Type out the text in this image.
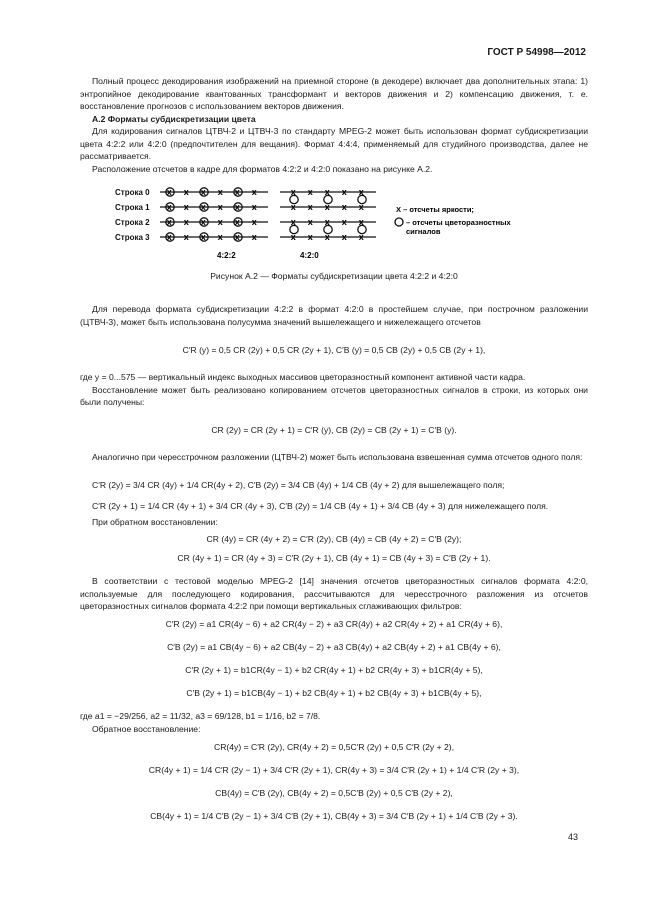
ГОСТ Р 54998—2012

Полный процесс декодирования изображений на приемной стороне (в декодере) включает два дополнительных этапа: 1) энтропийное декодирование квантованных трансформант и векторов движения и 2) компенсацию движения, т. е. восстановление прогнозов с использованием векторов движения.

А.2 Форматы субдискретизации цвета

Для кодирования сигналов ЦТВЧ-2 и ЦТВЧ-3 по стандарту MPEG-2 может быть использован формат субдискретизации цвета 4:2:2 или 4:2:0 (предпочтителен для вещания). Формат 4:4:4, применяемый для студийного производства, далее не рассматривается.

Расположение отсчетов в кадре для форматов 4:2:2 и 4:2:0 показано на рисунке А.2.

Строка 0
Строка 1
Строка 2
Строка 3
x x x x x x
x x x x x x
x x x x x x
x x x x x x
x x x x x
x x x x x
x x x x x
x x x x x
4:2:2	4:2:0
X – отсчеты яркости;
– отсчеты цветоразностных
сигналов
Рисунок А.2 — Форматы субдискретизации цвета 4:2:2 и 4:2:0

Для перевода формата субдискретизации 4:2:2 в формат 4:2:0 в простейшем случае, при построчном разложении (ЦТВЧ-3), может быть использована полусумма значений вышележащего и нижележащего отсчетов

C′R (y) = 0,5 CR (2y) + 0,5 CR (2y + 1), C′B (y) = 0,5 CB (2y) + 0,5 CB (2y + 1),

где y = 0...575 — вертикальный индекс выходных массивов цветоразностный компонент активной части кадра.

Восстановление может быть реализовано копированием отсчетов цветоразностных сигналов в строки, из которых они были получены:

CR (2y) = CR (2y + 1) = C′R (y), CB (2y) = CB (2y + 1) = C′B (y).

Аналогично при чересстрочном разложении (ЦТВЧ-2) может быть использована взвешенная сумма отсчетов одного поля:

C′R (2y) = 3/4 CR (4y) + 1/4 CR(4y + 2), C′B (2y) = 3/4 CB (4y) + 1/4 CB (4y + 2) для вышележащего поля;
C′R (2y + 1) = 1/4 CR (4y + 1) + 3/4 CR (4y + 3), C′B (2y) = 1/4 CB (4y + 1) + 3/4 CB (4y + 3) для нижележащего поля.
При обратном восстановлении:
CR (4y) = CR (4y + 2) = C′R (2y), CB (4y) = CB (4y + 2) = C′B (2y);
CR (4y + 1) = CR (4y + 3) = C′R (2y + 1), CB (4y + 1) = CB (4y + 3) = C′B (2y + 1).

В соответствии с тестовой моделью MPEG-2 [14] значения отсчетов цветоразностных сигналов формата 4:2:0, используемые для последующего кодирования, рассчитываются для чересстрочного разложения из отсчетов цветоразностных сигналов формата 4:2:2 при помощи вертикальных сглаживающих фильтров:

C′R (2y) = a1 CR(4y − 6) + a2 CR(4y − 2) + a3 CR(4y) + a2 CR(4y + 2) + a1 CR(4y + 6),
C′B (2y) = a1 CB(4y − 6) + a2 CB(4y − 2) + a3 CB(4y) + a2 CB(4y + 2) + a1 CB(4y + 6),
C′R (2y + 1) = b1CR(4y − 1) + b2 CR(4y + 1) + b2 CR(4y + 3) + b1CR(4y + 5),
C′B (2y + 1) = b1CB(4y − 1) + b2 CB(4y + 1) + b2 CB(4y + 3) + b1CB(4y + 5),

где a1 = −29/256, a2 = 11/32, a3 = 69/128, b1 = 1/16, b2 = 7/8.

Обратное восстановление:

CR(4y) = C′R (2y), CR(4y + 2) = 0,5C′R (2y) + 0,5 C′R (2y + 2),
CR(4y + 1) = 1/4 C′R (2y − 1) + 3/4 C′R (2y + 1), CR(4y + 3) = 3/4 C′R (2y + 1) + 1/4 C′R (2y + 3),
CB(4y) = C′B (2y), CB(4y + 2) = 0,5C′B (2y) + 0,5 C′B (2y + 2),
CB(4y + 1) = 1/4 C′B (2y − 1) + 3/4 C′B (2y + 1), CB(4y + 3) = 3/4 C′B (2y + 1) + 1/4 C′B (2y + 3).
43
